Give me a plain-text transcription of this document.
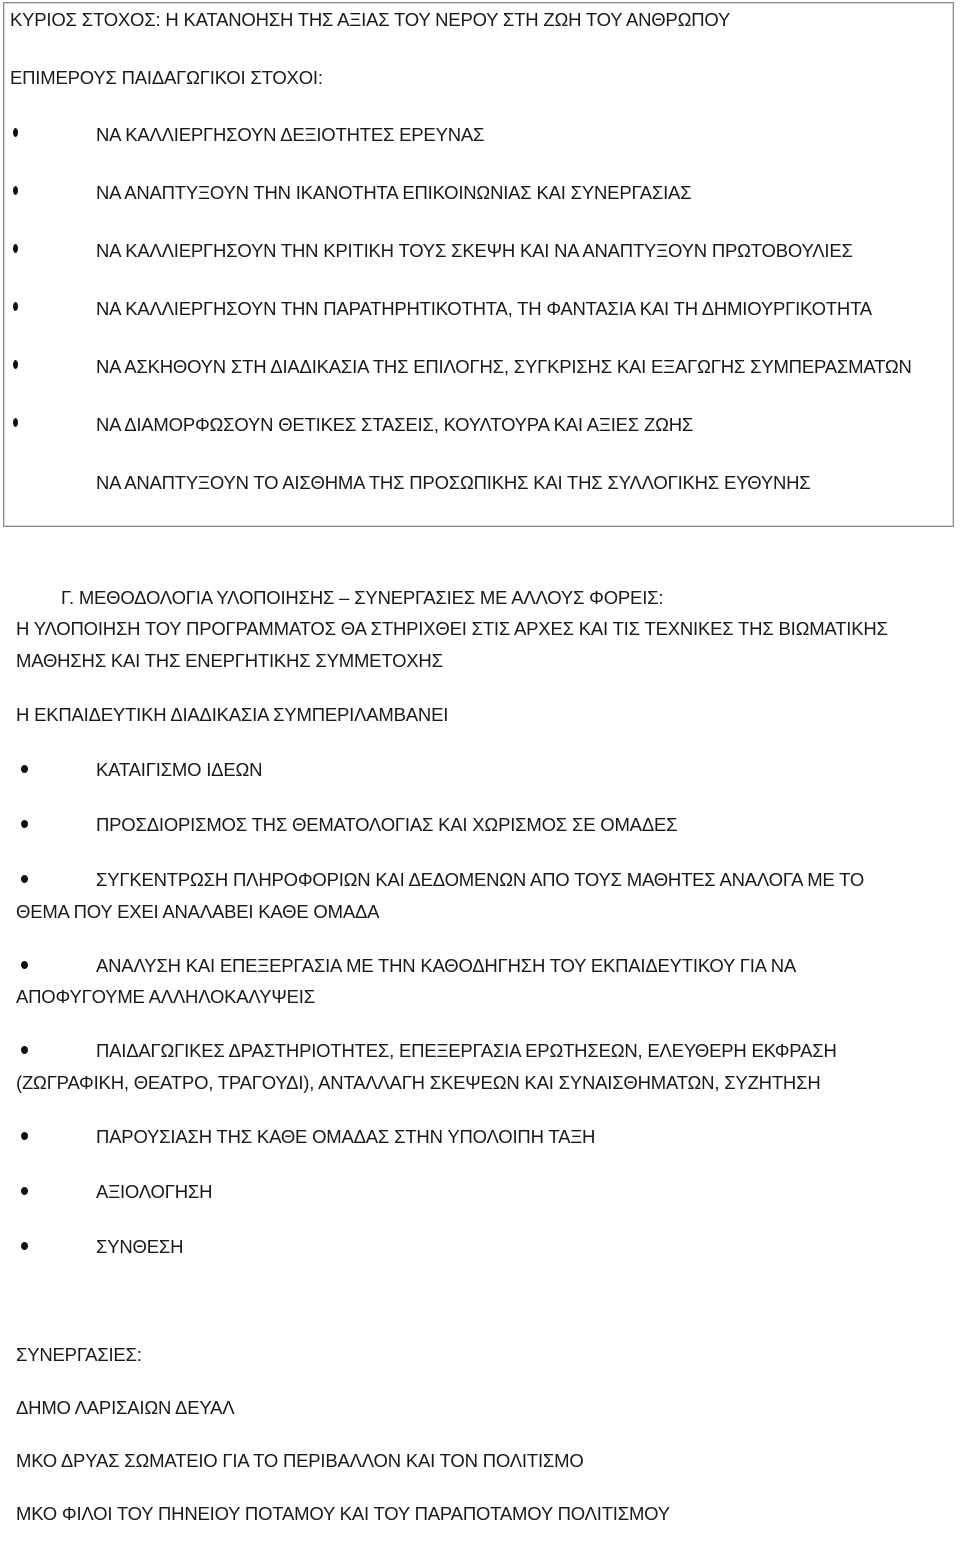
ΚΥΡΙΟΣ ΣΤΟΧΟΣ: Η ΚΑΤΑΝΟΗΣΗ ΤΗΣ ΑΞΙΑΣ ΤΟΥ ΝΕΡΟΥ ΣΤΗ ΖΩΗ ΤΟΥ ΑΝΘΡΩΠΟΥ
ΕΠΙΜΕΡΟΥΣ ΠΑΙΔΑΓΩΓΙΚΟΙ ΣΤΟΧΟΙ:
ΝΑ ΚΑΛΛΙΕΡΓΗΣΟΥΝ ΔΕΞΙΟΤΗΤΕΣ ΕΡΕΥΝΑΣ
ΝΑ ΑΝΑΠΤΥΞΟΥΝ ΤΗΝ ΙΚΑΝΟΤΗΤΑ ΕΠΙΚΟΙΝΩΝΙΑΣ ΚΑΙ ΣΥΝΕΡΓΑΣΙΑΣ
ΝΑ ΚΑΛΛΙΕΡΓΗΣΟΥΝ ΤΗΝ ΚΡΙΤΙΚΗ ΤΟΥΣ ΣΚΕΨΗ ΚΑΙ ΝΑ ΑΝΑΠΤΥΞΟΥΝ ΠΡΩΤΟΒΟΥΛΙΕΣ
ΝΑ ΚΑΛΛΙΕΡΓΗΣΟΥΝ ΤΗΝ ΠΑΡΑΤΗΡΗΤΙΚΟΤΗΤΑ, ΤΗ ΦΑΝΤΑΣΙΑ ΚΑΙ ΤΗ ΔΗΜΙΟΥΡΓΙΚΟΤΗΤΑ
ΝΑ ΑΣΚΗΘΟΥΝ ΣΤΗ ΔΙΑΔΙΚΑΣΙΑ ΤΗΣ ΕΠΙΛΟΓΗΣ, ΣΥΓΚΡΙΣΗΣ ΚΑΙ ΕΞΑΓΩΓΗΣ ΣΥΜΠΕΡΑΣΜΑΤΩΝ
ΝΑ ΔΙΑΜΟΡΦΩΣΟΥΝ ΘΕΤΙΚΕΣ ΣΤΑΣΕΙΣ, ΚΟΥΛΤΟΥΡΑ ΚΑΙ ΑΞΙΕΣ ΖΩΗΣ
ΝΑ ΑΝΑΠΤΥΞΟΥΝ ΤΟ ΑΙΣΘΗΜΑ ΤΗΣ ΠΡΟΣΩΠΙΚΗΣ ΚΑΙ ΤΗΣ ΣΥΛΛΟΓΙΚΗΣ ΕΥΘΥΝΗΣ
Γ. ΜΕΘΟΔΟΛΟΓΙΑ ΥΛΟΠΟΙΗΣΗΣ – ΣΥΝΕΡΓΑΣΙΕΣ ΜΕ ΑΛΛΟΥΣ ΦΟΡΕΙΣ:
Η ΥΛΟΠΟΙΗΣΗ ΤΟΥ ΠΡΟΓΡΑΜΜΑΤΟΣ ΘΑ ΣΤΗΡΙΧΘΕΙ ΣΤΙΣ ΑΡΧΕΣ ΚΑΙ ΤΙΣ ΤΕΧΝΙΚΕΣ ΤΗΣ ΒΙΩΜΑΤΙΚΗΣ
ΜΑΘΗΣΗΣ ΚΑΙ ΤΗΣ ΕΝΕΡΓΗΤΙΚΗΣ ΣΥΜΜΕΤΟΧΗΣ
Η ΕΚΠΑΙΔΕΥΤΙΚΗ ΔΙΑΔΙΚΑΣΙΑ ΣΥΜΠΕΡΙΛΑΜΒΑΝΕΙ
ΚΑΤΑΙΓΙΣΜΟ ΙΔΕΩΝ
ΠΡΟΣΔΙΟΡΙΣΜΟΣ ΤΗΣ ΘΕΜΑΤΟΛΟΓΙΑΣ ΚΑΙ ΧΩΡΙΣΜΟΣ ΣΕ ΟΜΑΔΕΣ
ΣΥΓΚΕΝΤΡΩΣΗ ΠΛΗΡΟΦΟΡΙΩΝ ΚΑΙ ΔΕΔΟΜΕΝΩΝ ΑΠΟ ΤΟΥΣ ΜΑΘΗΤΕΣ ΑΝΑΛΟΓΑ ΜΕ ΤΟ
ΘΕΜΑ ΠΟΥ ΕΧΕΙ ΑΝΑΛΑΒΕΙ ΚΑΘΕ ΟΜΑΔΑ
ΑΝΑΛΥΣΗ ΚΑΙ ΕΠΕΞΕΡΓΑΣΙΑ ΜΕ ΤΗΝ ΚΑΘΟΔΗΓΗΣΗ ΤΟΥ ΕΚΠΑΙΔΕΥΤΙΚΟΥ ΓΙΑ ΝΑ
ΑΠΟΦΥΓΟΥΜΕ ΑΛΛΗΛΟΚΑΛΥΨΕΙΣ
ΠΑΙΔΑΓΩΓΙΚΕΣ ΔΡΑΣΤΗΡΙΟΤΗΤΕΣ, ΕΠΕΞΕΡΓΑΣΙΑ ΕΡΩΤΗΣΕΩΝ, ΕΛΕΥΘΕΡΗ ΕΚΦΡΑΣΗ
(ΖΩΓΡΑΦΙΚΗ, ΘΕΑΤΡΟ, ΤΡΑΓΟΥΔΙ), ΑΝΤΑΛΛΑΓΗ ΣΚΕΨΕΩΝ ΚΑΙ ΣΥΝΑΙΣΘΗΜΑΤΩΝ, ΣΥΖΗΤΗΣΗ
ΠΑΡΟΥΣΙΑΣΗ ΤΗΣ ΚΑΘΕ ΟΜΑΔΑΣ ΣΤΗΝ ΥΠΟΛΟΙΠΗ ΤΑΞΗ
ΑΞΙΟΛΟΓΗΣΗ
ΣΥΝΘΕΣΗ
ΣΥΝΕΡΓΑΣΙΕΣ:
ΔΗΜΟ ΛΑΡΙΣΑΙΩΝ ΔΕΥΑΛ
ΜΚΟ ΔΡΥΑΣ ΣΩΜΑΤΕΙΟ ΓΙΑ ΤΟ ΠΕΡΙΒΑΛΛΟΝ ΚΑΙ ΤΟΝ ΠΟΛΙΤΙΣΜΟ
ΜΚΟ ΦΙΛΟΙ ΤΟΥ ΠΗΝΕΙΟΥ ΠΟΤΑΜΟΥ ΚΑΙ ΤΟΥ ΠΑΡΑΠΟΤΑΜΟΥ ΠΟΛΙΤΙΣΜΟΥ
